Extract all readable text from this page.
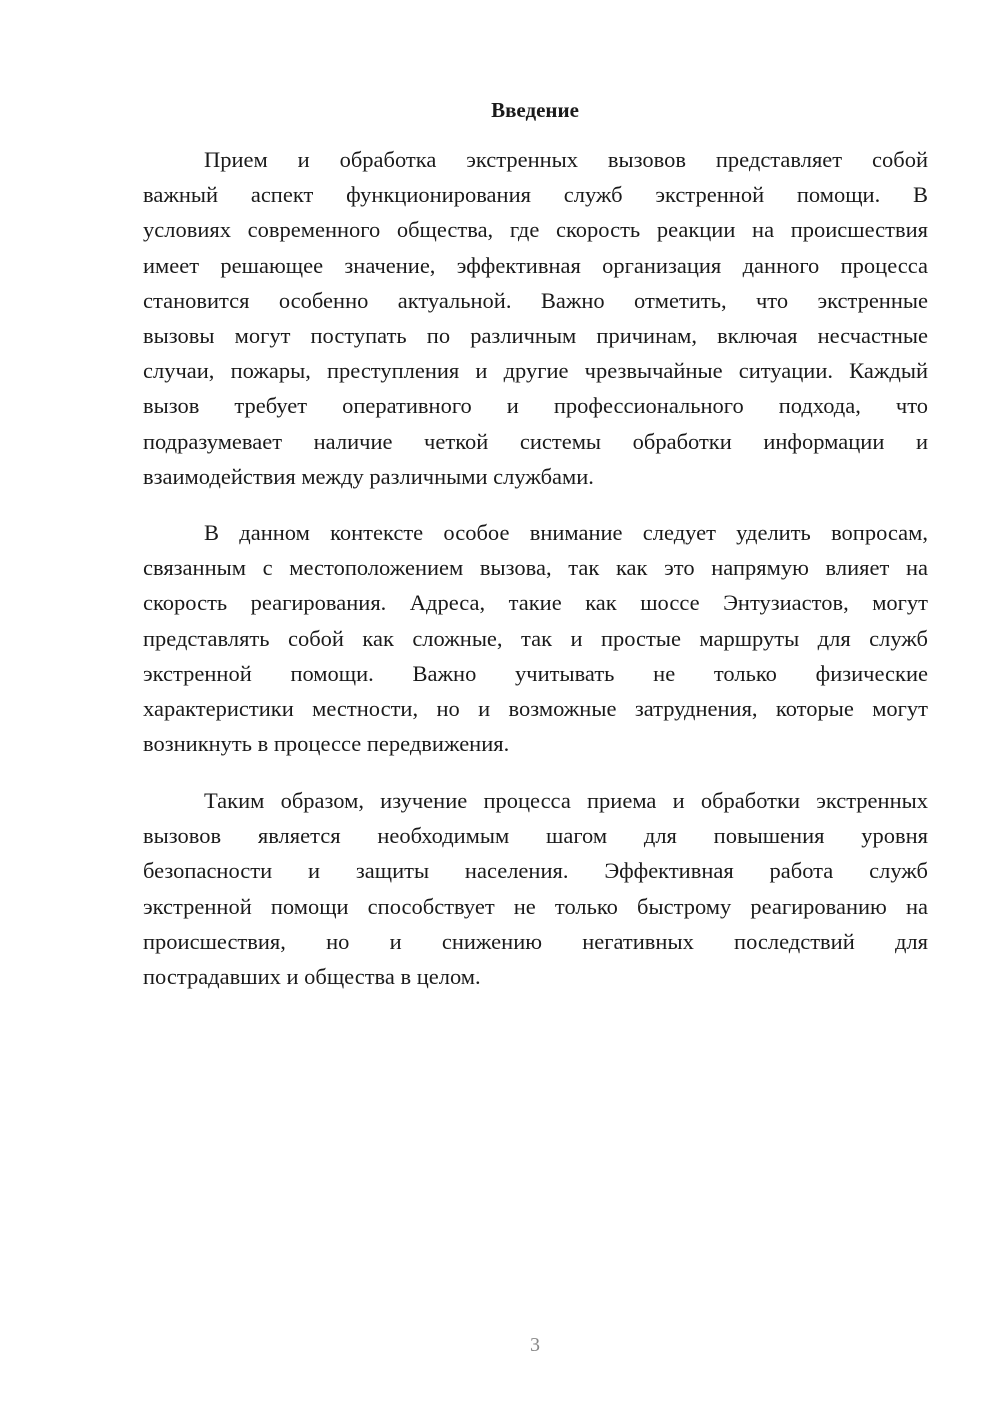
Введение
Прием и обработка экстренных вызовов представляет собой
важный аспект функционирования служб экстренной помощи. В
условиях современного общества, где скорость реакции на происшествия
имеет решающее значение, эффективная организация данного процесса
становится особенно актуальной. Важно отметить, что экстренные
вызовы могут поступать по различным причинам, включая несчастные
случаи, пожары, преступления и другие чрезвычайные ситуации. Каждый
вызов требует оперативного и профессионального подхода, что
подразумевает наличие четкой системы обработки информации и
взаимодействия между различными службами.
В данном контексте особое внимание следует уделить вопросам,
связанным с местоположением вызова, так как это напрямую влияет на
скорость реагирования. Адреса, такие как шоссе Энтузиастов, могут
представлять собой как сложные, так и простые маршруты для служб
экстренной помощи. Важно учитывать не только физические
характеристики местности, но и возможные затруднения, которые могут
возникнуть в процессе передвижения.
Таким образом, изучение процесса приема и обработки экстренных
вызовов является необходимым шагом для повышения уровня
безопасности и защиты населения. Эффективная работа служб
экстренной помощи способствует не только быстрому реагированию на
происшествия, но и снижению негативных последствий для
пострадавших и общества в целом.
3
